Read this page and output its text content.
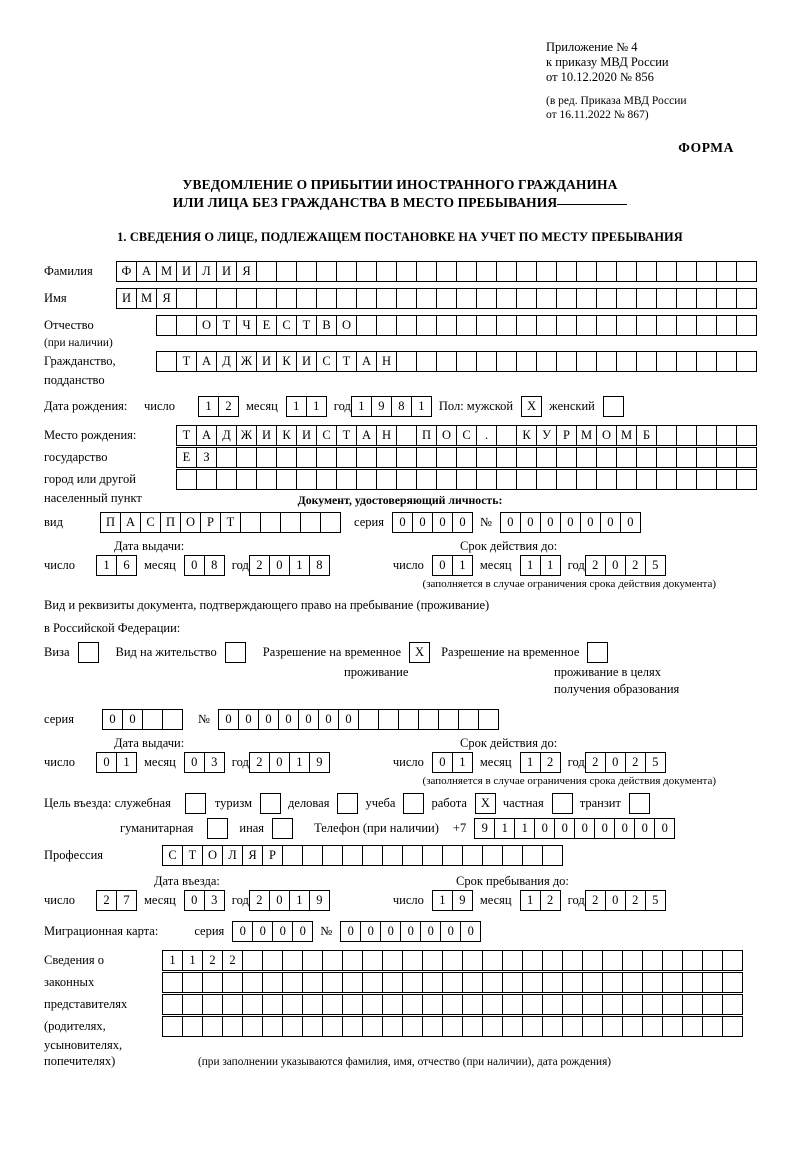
Приложение № 4
к приказу МВД России
от 10.12.2020 № 856
(в ред. Приказа МВД России
от 16.11.2022 № 867)
ФОРМА
УВЕДОМЛЕНИЕ О ПРИБЫТИИ ИНОСТРАННОГО ГРАЖДАНИНА
ИЛИ ЛИЦА БЕЗ ГРАЖДАНСТВА В МЕСТО ПРЕБЫВАНИЯ
1. СВЕДЕНИЯ О ЛИЦЕ, ПОДЛЕЖАЩЕМ ПОСТАНОВКЕ НА УЧЕТ ПО МЕСТУ ПРЕБЫВАНИЯ
Фамилия	Ф А М И Л И Я
Имя	И М Я
Отчество	О Т Ч Е С Т В О
(при наличии)
Гражданство,	Т А Д Ж И К И С Т А Н
подданство
Дата рождения:	число	1	2	месяц	1	1	год 1	9	8	1	Пол: мужской	Х	женский
Место рождения:	Т А Д Ж И К И С Т А Н	П О С	.	К У Р М О М Б
государство	Е	З
город или другой
населенный пункт	Документ, удостоверяющий личность:
вид	П А С П О Р	Т	серия	0	0	0	0	№	0	0	0	0	0	0	0
Дата выдачи:	Срок действия до:
число	1	6	месяц	0	8	год 2	0	1	8	число	0	1	месяц	1	1	год 2	0	2	5
(заполняется в случае ограничения срока действия документа)
Вид и реквизиты документа, подтверждающего право на пребывание (проживание)
в Российской Федерации:
Виза	Вид на жительство	Разрешение на временное	Х	Разрешение на временное
проживание	проживание в целях
получения образования
серия	0	0	№	0	0	0	0	0	0	0
Дата выдачи:	Срок действия до:
число	0	1	месяц	0	3	год 2	0	1	9	число	0	1	месяц	1	2	год 2	0	2	5
(заполняется в случае ограничения срока действия документа)
Цель въезда: служебная	туризм	деловая	учеба	работа	Х	частная	транзит
гуманитарная	иная	Телефон (при наличии) +7	9	1	1	0	0	0	0	0	0	0
Профессия	С Т О Л Я Р
Дата въезда:	Срок пребывания до:
число	2	7	месяц	0	3	год 2	0	1	9	число	1	9	месяц	1	2	год 2	0	2	5
Миграционная карта:	серия	0	0	0	0	№	0	0	0	0	0	0	0
Сведения о	1	1	2	2
законных
представителях
(родителях,
усыновителях,
попечителях)	(при заполнении указываются фамилия, имя, отчество (при наличии), дата рождения)
